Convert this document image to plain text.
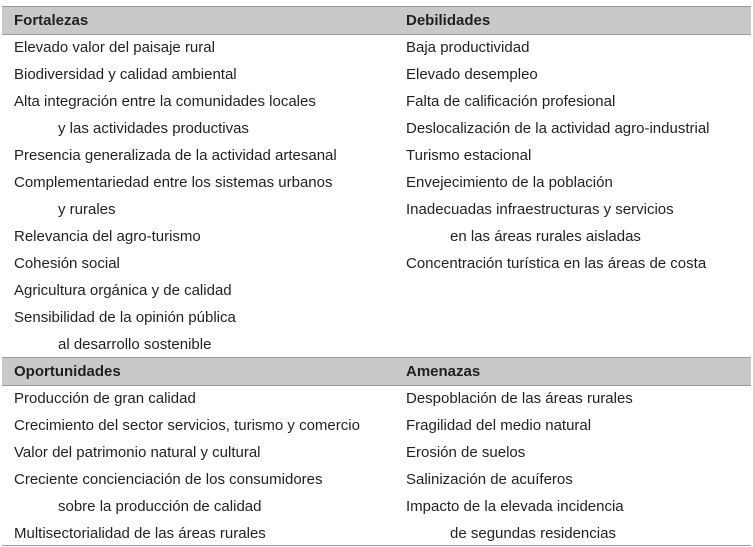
Fortalezas	Debilidades
Elevado valor del paisaje rural
Biodiversidad y calidad ambiental
Alta integración entre la comunidades locales
y las actividades productivas
Presencia generalizada de la actividad artesanal
Complementariedad entre los sistemas urbanos
y rurales
Relevancia del agro-turismo
Cohesión social
Agricultura orgánica y de calidad
Sensibilidad de la opinión pública
al desarrollo sostenible
Baja productividad
Elevado desempleo
Falta de calificación profesional
Deslocalización de la actividad agro-industrial
Turismo estacional
Envejecimiento de la población
Inadecuadas infraestructuras y servicios
en las áreas rurales aisladas
Concentración turística en las áreas de costa
Oportunidades	Amenazas
Producción de gran calidad
Crecimiento del sector servicios, turismo y comercio
Valor del patrimonio natural y cultural
Creciente concienciación de los consumidores
sobre la producción de calidad
Multisectorialidad de las áreas rurales
Despoblación de las áreas rurales
Fragilidad del medio natural
Erosión de suelos
Salinización de acuíferos
Impacto de la elevada incidencia
de segundas residencias
